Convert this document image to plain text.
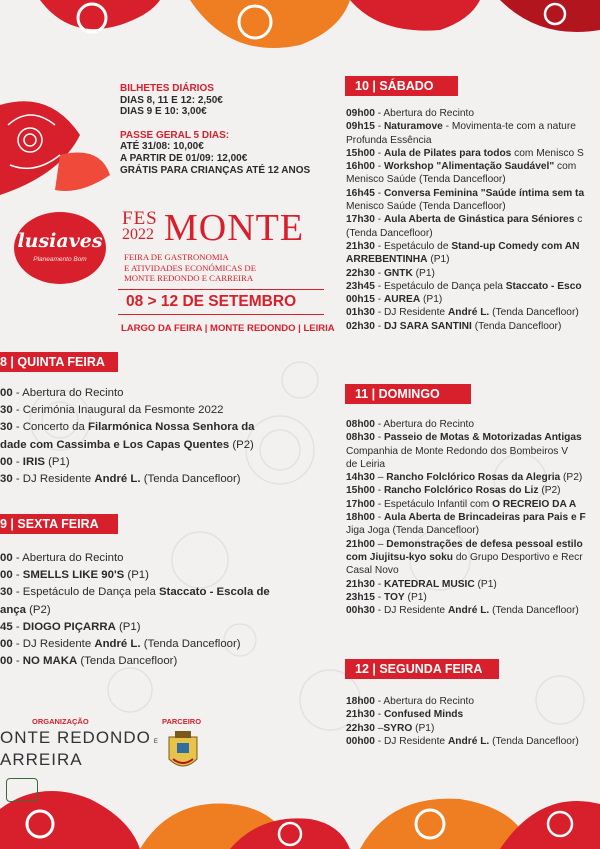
BILHETES DIÁRIOS
DIAS 8, 11 E 12: 2,50€
DIAS 9 E 10: 3,00€
PASSE GERAL 5 DIAS:
ATÉ 31/08: 10,00€
A PARTIR DE 01/09: 12,00€
GRÁTIS PARA CRIANÇAS ATÉ 12 ANOS
lusiaves
Planeamento Bom
FES
2022 MONTE
FEIRA DE GASTRONOMIA
E ATIVIDADES ECONÓMICAS DE
MONTE REDONDO E CARREIRA
08 > 12 DE SETEMBRO
LARGO DA FEIRA | MONTE REDONDO | LEIRIA
8 | QUINTA FEIRA
00 - Abertura do Recinto
30 - Cerimónia Inaugural da Fesmonte 2022
30 - Concerto da Filarmónica Nossa Senhora da
dade com Cassimba e Los Capas Quentes (P2)
00 - IRIS (P1)
30 - DJ Residente André L. (Tenda Dancefloor)
9 | SEXTA FEIRA
00 - Abertura do Recinto
00 - SMELLS LIKE 90'S (P1)
30 - Espetáculo de Dança pela Staccato - Escola de
ança (P2)
45 - DIOGO PIÇARRA (P1)
00 - DJ Residente André L. (Tenda Dancefloor)
00 - NO MAKA (Tenda Dancefloor)
10 | SÁBADO
09h00 - Abertura do Recinto
09h15 - Naturamove - Movimenta-te com a nature
Profunda Essência
15h00 - Aula de Pilates para todos com Menisco S
16h00 - Workshop "Alimentação Saudável" com
Menisco Saúde (Tenda Dancefloor)
16h45 - Conversa Feminina "Saúde íntima sem ta
Menisco Saúde (Tenda Dancefloor)
17h30 - Aula Aberta de Ginástica para Séniores c
(Tenda Dancefloor)
21h30 - Espetáculo de Stand-up Comedy com AN
ARREBENTINHA (P1)
22h30 - GNTK (P1)
23h45 - Espetáculo de Dança pela Staccato - Esco
00h15 - AUREA (P1)
01h30 - DJ Residente André L. (Tenda Dancefloor)
02h30 - DJ SARA SANTINI (Tenda Dancefloor)
11 | DOMINGO
08h00 - Abertura do Recinto
08h30 - Passeio de Motas & Motorizadas Antigas
Companhia de Monte Redondo dos Bombeiros V
de Leiria
14h30 – Rancho Folclórico Rosas da Alegria (P2)
15h00 - Rancho Folclórico Rosas do Liz (P2)
17h00 - Espetáculo Infantil com O RECREIO DA A
18h00 - Aula Aberta de Brincadeiras para Pais e F
Jiga Joga (Tenda Dancefloor)
21h00 – Demonstrações de defesa pessoal estilo
com Jiujitsu-kyo soku do Grupo Desportivo e Recr
Casal Novo
21h30 - KATEDRAL MUSIC (P1)
23h15 - TOY (P1)
00h30 - DJ Residente André L. (Tenda Dancefloor)
12 | SEGUNDA FEIRA
18h00 - Abertura do Recinto
21h30 - Confused Minds
22h30 –SYRO (P1)
00h00 - DJ Residente André L. (Tenda Dancefloor)
ORGANIZAÇÃO
ONTE REDONDO E
ARREIRA
PARCEIRO
